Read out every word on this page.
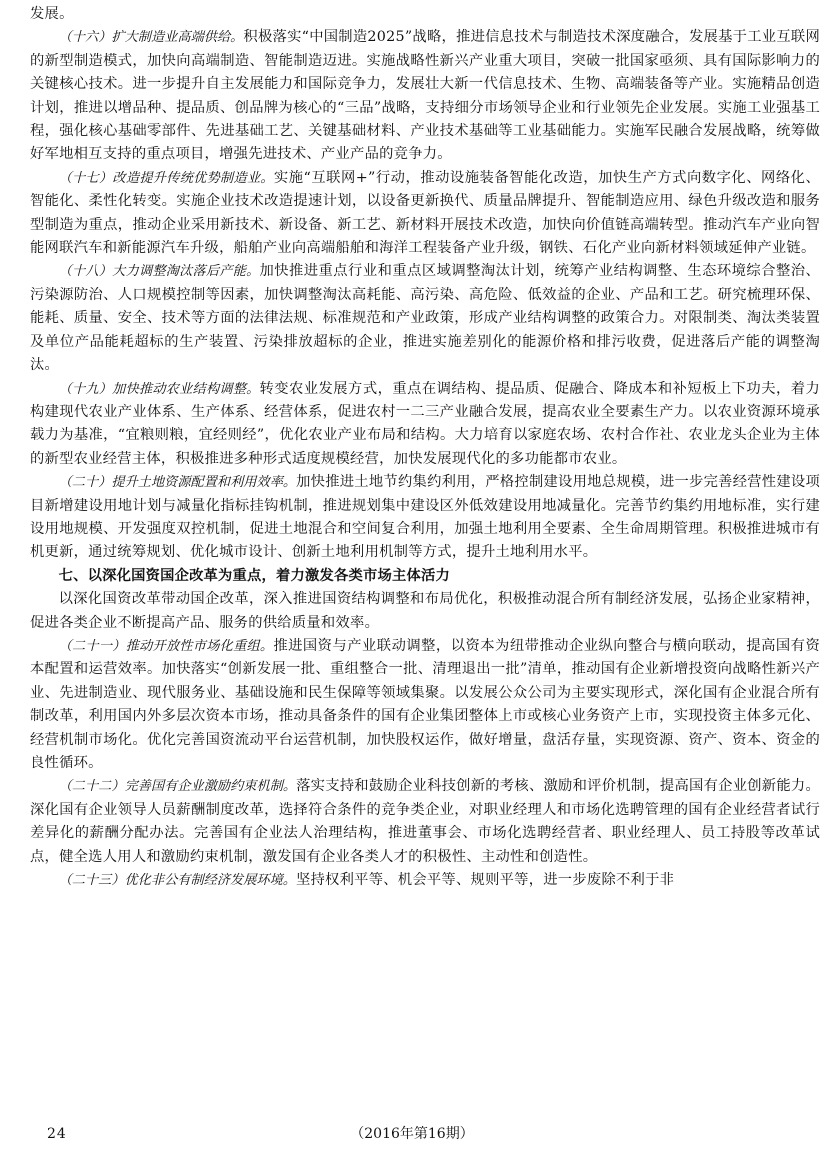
发展。

（十六）扩大制造业高端供给。积极落实“中国制造2025”战略，推进信息技术与制造技术深度融合，发展基于工业互联网的新型制造模式，加快向高端制造、智能制造迈进。实施战略性新兴产业重大项目，突破一批国家亟须、具有国际影响力的关键核心技术。进一步提升自主发展能力和国际竞争力，发展壮大新一代信息技术、生物、高端装备等产业。实施精品创造计划，推进以增品种、提品质、创品牌为核心的“三品”战略，支持细分市场领导企业和行业领先企业发展。实施工业强基工程，强化核心基础零部件、先进基础工艺、关键基础材料、产业技术基础等工业基础能力。实施军民融合发展战略，统筹做好军地相互支持的重点项目，增强先进技术、产业产品的竞争力。

（十七）改造提升传统优势制造业。实施“互联网+”行动，推动设施装备智能化改造，加快生产方式向数字化、网络化、智能化、柔性化转变。实施企业技术改造提速计划，以设备更新换代、质量品牌提升、智能制造应用、绿色升级改造和服务型制造为重点，推动企业采用新技术、新设备、新工艺、新材料开展技术改造，加快向价值链高端转型。推动汽车产业向智能网联汽车和新能源汽车升级，船舶产业向高端船舶和海洋工程装备产业升级，钢铁、石化产业向新材料领域延伸产业链。

（十八）大力调整淘汰落后产能。加快推进重点行业和重点区域调整淘汰计划，统筹产业结构调整、生态环境综合整治、污染源防治、人口规模控制等因素，加快调整淘汰高耗能、高污染、高危险、低效益的企业、产品和工艺。研究梳理环保、能耗、质量、安全、技术等方面的法律法规、标准规范和产业政策，形成产业结构调整的政策合力。对限制类、淘汰类装置及单位产品能耗超标的生产装置、污染排放超标的企业，推进实施差别化的能源价格和排污收费，促进落后产能的调整淘汰。

（十九）加快推动农业结构调整。转变农业发展方式，重点在调结构、提品质、促融合、降成本和补短板上下功夫，着力构建现代农业产业体系、生产体系、经营体系，促进农村一二三产业融合发展，提高农业全要素生产力。以农业资源环境承载力为基准，“宜粮则粮，宜经则经”，优化农业产业布局和结构。大力培育以家庭农场、农村合作社、农业龙头企业为主体的新型农业经营主体，积极推进多种形式适度规模经营，加快发展现代化的多功能都市农业。

（二十）提升土地资源配置和利用效率。加快推进土地节约集约利用，严格控制建设用地总规模，进一步完善经营性建设项目新增建设用地计划与减量化指标挂钩机制，推进规划集中建设区外低效建设用地减量化。完善节约集约用地标准，实行建设用地规模、开发强度双控机制，促进土地混合和空间复合利用，加强土地利用全要素、全生命周期管理。积极推进城市有机更新，通过统筹规划、优化城市设计、创新土地利用机制等方式，提升土地利用水平。

七、以深化国资国企改革为重点，着力激发各类市场主体活力

以深化国资改革带动国企改革，深入推进国资结构调整和布局优化，积极推动混合所有制经济发展，弘扬企业家精神，促进各类企业不断提高产品、服务的供给质量和效率。

（二十一）推动开放性市场化重组。推进国资与产业联动调整，以资本为纽带推动企业纵向整合与横向联动，提高国有资本配置和运营效率。加快落实“创新发展一批、重组整合一批、清理退出一批”清单，推动国有企业新增投资向战略性新兴产业、先进制造业、现代服务业、基础设施和民生保障等领域集聚。以发展公众公司为主要实现形式，深化国有企业混合所有制改革，利用国内外多层次资本市场，推动具备条件的国有企业集团整体上市或核心业务资产上市，实现投资主体多元化、经营机制市场化。优化完善国资流动平台运营机制，加快股权运作，做好增量，盘活存量，实现资源、资产、资本、资金的良性循环。

（二十二）完善国有企业激励约束机制。落实支持和鼓励企业科技创新的考核、激励和评价机制，提高国有企业创新能力。深化国有企业领导人员薪酬制度改革，选择符合条件的竞争类企业，对职业经理人和市场化选聘管理的国有企业经营者试行差异化的薪酬分配办法。完善国有企业法人治理结构，推进董事会、市场化选聘经营者、职业经理人、员工持股等改革试点，健全选人用人和激励约束机制，激发国有企业各类人才的积极性、主动性和创造性。

（二十三）优化非公有制经济发展环境。坚持权利平等、机会平等、规则平等，进一步废除不利于非

24	（2016年第16期）
